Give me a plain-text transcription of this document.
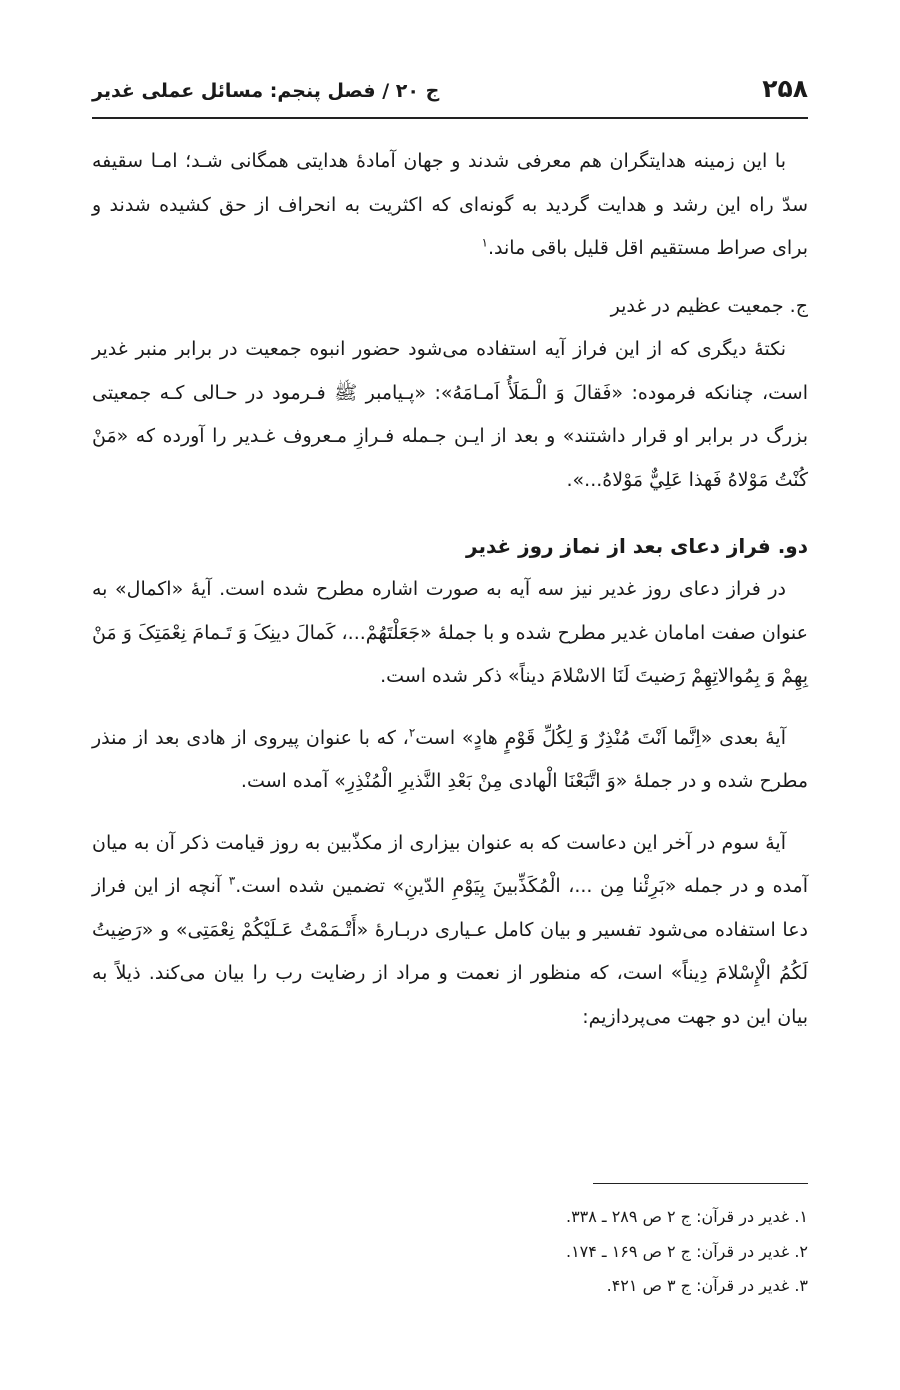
۲۵۸
ج ۲۰ / فصل پنجم: مسائل عملی غدیر

با این زمینه هدایتگران هم معرفی شدند و جهان آمادهٔ هدایتی همگانی شـد؛ امـا سقیفه سدّ راه این رشد و هدایت گردید به گونه‌ای که اکثریت به انحراف از حق کشیده شدند و برای صراط مستقیم اقل قلیل باقی ماند.$^۱$

ج. جمعیت عظیم در غدیر

نکتهٔ دیگری که از این فراز آیه استفاده می‌شود حضور انبوه جمعیت در برابر منبر غدیر است، چنانکه فرموده: «فَقالَ وَ الْـمَلَأُ اَمـامَهُ»: «پـیامبر ﷺ فـرمود در حـالی کـه جمعیتی بزرگ در برابر او قرار داشتند» و بعد از ایـن جـمله فـرازِ مـعروف غـدیر را آورده که «مَنْ کُنْتُ مَوْلاهُ فَهذا عَلِيٌّ مَوْلاهُ...».

دو. فراز دعای بعد از نماز روز غدیر

در فراز دعای روز غدیر نیز سه آیه به صورت اشاره مطرح شده است. آیهٔ «اکمال» به عنوان صفت امامان غدیر مطرح شده و با جملهٔ «جَعَلْتَهُمْ...، کَمالَ دینِکَ وَ تَـمامَ نِعْمَتِکَ وَ مَنْ بِهِمْ وَ بِمُوالاتِهِمْ رَضیتَ لَنَا الاسْلامَ دیناً» ذکر شده است.

آیهٔ بعدی «اِنَّما اَنْتَ مُنْذِرٌ وَ لِکُلِّ قَوْمٍ هادٍ» است$^۲$، که با عنوان پیروی از هادی بعد از منذر مطرح شده و در جملهٔ «وَ اتَّبَعْنَا الْهادی مِنْ بَعْدِ النَّذیرِ الْمُنْذِرِ» آمده است.

آیهٔ سوم در آخر این دعاست که به عنوان بیزاری از مکذّبین به روز قیامت ذکر آن به میان آمده و در جمله «بَرِئْنا مِن ...، الْمُکَذِّبینَ بِیَوْمِ الدّینِ» تضمین شده است.$^۳$ آنچه از این فراز دعا استفاده می‌شود تفسیر و بیان کامل عـیاری دربـارهٔ «أَتْـمَمْتُ عَـلَیْکُمْ نِعْمَتِی» و «رَضِیتُ لَکُمُ الْإِسْلامَ دِیناً» است، که منظور از نعمت و مراد از رضایت رب را بیان می‌کند. ذیلاً به بیان این دو جهت می‌پردازیم:

۱. غدیر در قرآن: ج ۲ ص ۲۸۹ ـ ۳۳۸.

۲. غدیر در قرآن: ج ۲ ص ۱۶۹ ـ ۱۷۴.

۳. غدیر در قرآن: ج ۳ ص ۴۲۱.
